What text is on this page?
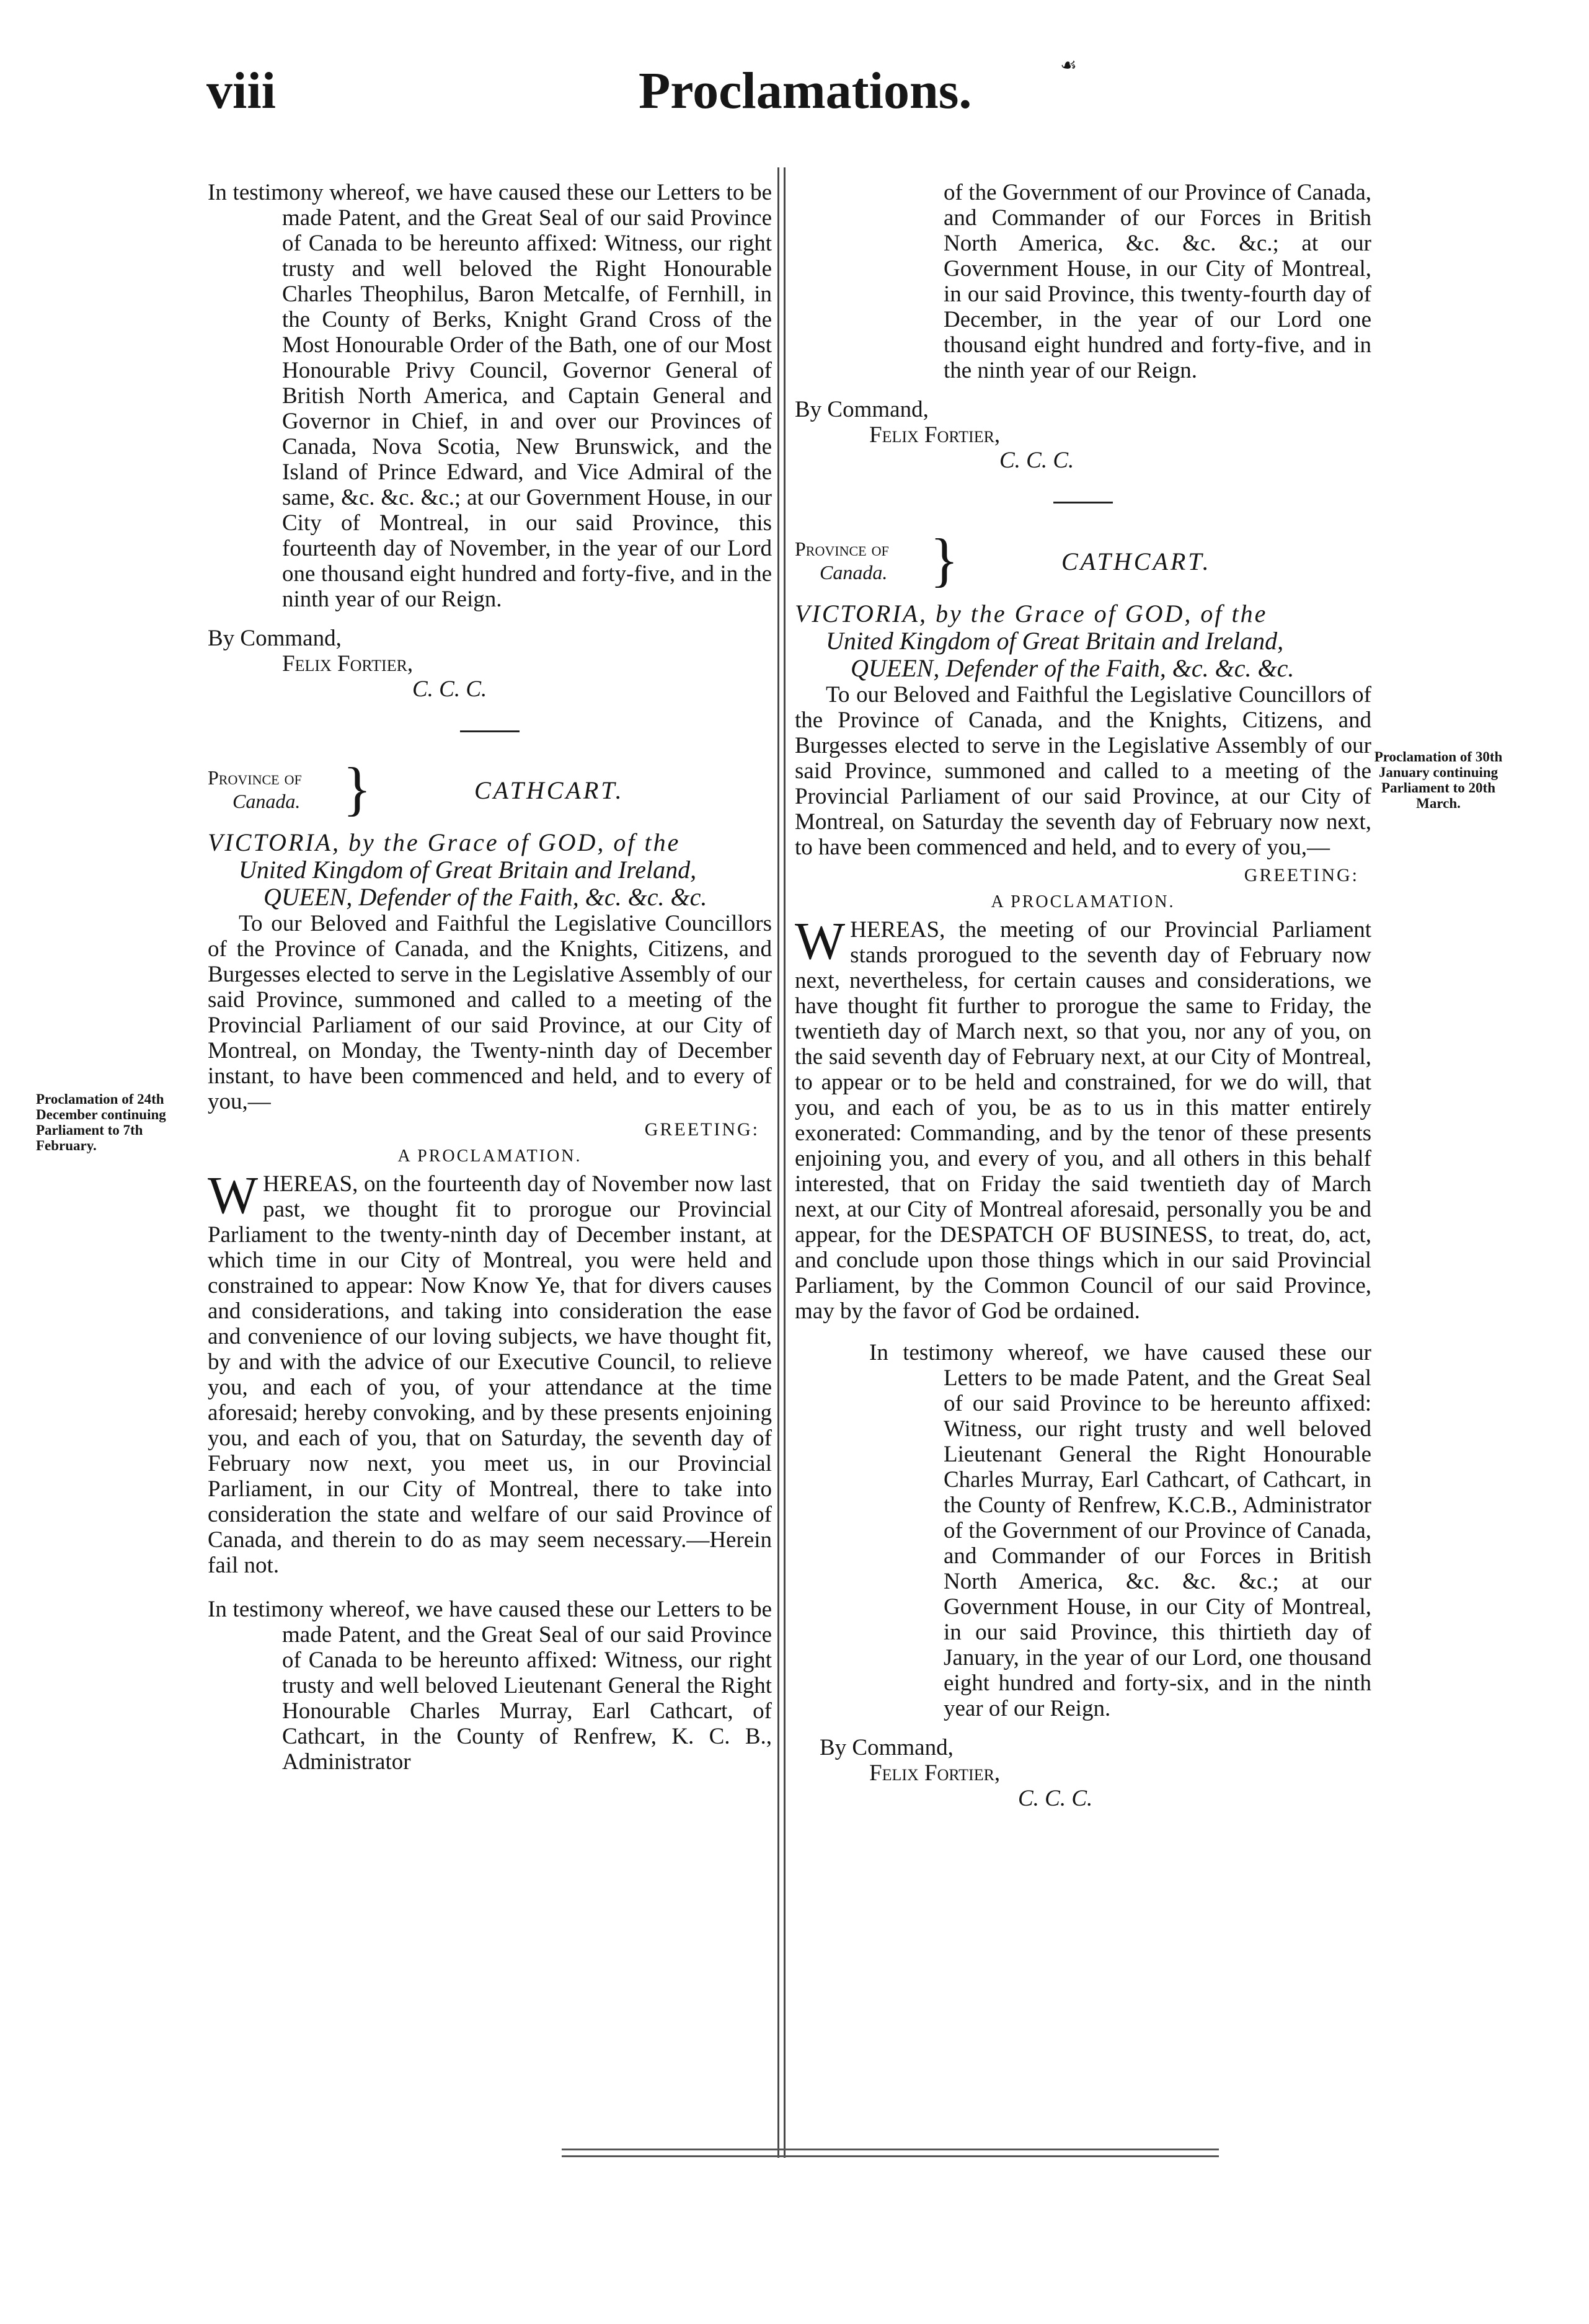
viii	Proclamations.	☙
Proclamation of 24th December continuing Parliament to 7th February.
Proclamation of 30th January continuing Parliament to 20th March.

In testimony whereof, we have caused these our Letters to be made Patent, and the Great Seal of our said Province of Canada to be hereunto affixed: Witness, our right trusty and well beloved the Right Honourable Charles Theophilus, Baron Metcalfe, of Fernhill, in the County of Berks, Knight Grand Cross of the Most Honourable Order of the Bath, one of our Most Honourable Privy Council, Governor General of British North America, and Captain General and Governor in Chief, in and over our Provinces of Canada, Nova Scotia, New Brunswick, and the Island of Prince Edward, and Vice Admiral of the same, &c. &c. &c.; at our Government House, in our City of Montreal, in our said Province, this fourteenth day of November, in the year of our Lord one thousand eight hundred and forty-five, and in the ninth year of our Reign.

By Command,

Felix Fortier,

C. C. C.

Province of
Canada. }	CATHCART.

VICTORIA, by the Grace of GOD, of the
United Kingdom of Great Britain and Ireland,
QUEEN, Defender of the Faith, &c. &c. &c.

To our Beloved and Faithful the Legislative Councillors of the Province of Canada, and the Knights, Citizens, and Burgesses elected to serve in the Legislative Assembly of our said Province, summoned and called to a meeting of the Provincial Parliament of our said Province, at our City of Montreal, on Monday, the Twenty-ninth day of December instant, to have been commenced and held, and to every of you,—

GREETING:

A PROCLAMATION.

WHEREAS, on the fourteenth day of November now last past, we thought fit to prorogue our Provincial Parliament to the twenty-ninth day of December instant, at which time in our City of Montreal, you were held and constrained to appear: Now Know Ye, that for divers causes and considerations, and taking into consideration the ease and convenience of our loving subjects, we have thought fit, by and with the advice of our Executive Council, to relieve you, and each of you, of your attendance at the time aforesaid; hereby convoking, and by these presents enjoining you, and each of you, that on Saturday, the seventh day of February now next, you meet us, in our Provincial Parliament, in our City of Montreal, there to take into consideration the state and welfare of our said Province of Canada, and therein to do as may seem necessary.—Herein fail not.

In testimony whereof, we have caused these our Letters to be made Patent, and the Great Seal of our said Province of Canada to be hereunto affixed: Witness, our right trusty and well beloved Lieutenant General the Right Honourable Charles Murray, Earl Cathcart, of Cathcart, in the County of Renfrew, K. C. B., Administrator

of the Government of our Province of Canada, and Commander of our Forces in British North America, &c. &c. &c.; at our Government House, in our City of Montreal, in our said Province, this twenty-fourth day of December, in the year of our Lord one thousand eight hundred and forty-five, and in the ninth year of our Reign.

By Command,

Felix Fortier,

C. C. C.

Province of
Canada. }	CATHCART.

VICTORIA, by the Grace of GOD, of the
United Kingdom of Great Britain and Ireland,
QUEEN, Defender of the Faith, &c. &c. &c.

To our Beloved and Faithful the Legislative Councillors of the Province of Canada, and the Knights, Citizens, and Burgesses elected to serve in the Legislative Assembly of our said Province, summoned and called to a meeting of the Provincial Parliament of our said Province, at our City of Montreal, on Saturday the seventh day of February now next, to have been commenced and held, and to every of you,—

GREETING:

A PROCLAMATION.

WHEREAS, the meeting of our Provincial Parliament stands prorogued to the seventh day of February now next, nevertheless, for certain causes and considerations, we have thought fit further to prorogue the same to Friday, the twentieth day of March next, so that you, nor any of you, on the said seventh day of February next, at our City of Montreal, to appear or to be held and constrained, for we do will, that you, and each of you, be as to us in this matter entirely exonerated: Commanding, and by the tenor of these presents enjoining you, and every of you, and all others in this behalf interested, that on Friday the said twentieth day of March next, at our City of Montreal aforesaid, personally you be and appear, for the DESPATCH OF BUSINESS, to treat, do, act, and conclude upon those things which in our said Provincial Parliament, by the Common Council of our said Province, may by the favor of God be ordained.

In testimony whereof, we have caused these our Letters to be made Patent, and the Great Seal of our said Province to be hereunto affixed: Witness, our right trusty and well beloved Lieutenant General the Right Honourable Charles Murray, Earl Cathcart, of Cathcart, in the County of Renfrew, K.C.B., Administrator of the Government of our Province of Canada, and Commander of our Forces in British North America, &c. &c. &c.; at our Government House, in our City of Montreal, in our said Province, this thirtieth day of January, in the year of our Lord, one thousand eight hundred and forty-six, and in the ninth year of our Reign.

By Command,

Felix Fortier,

C. C. C.
